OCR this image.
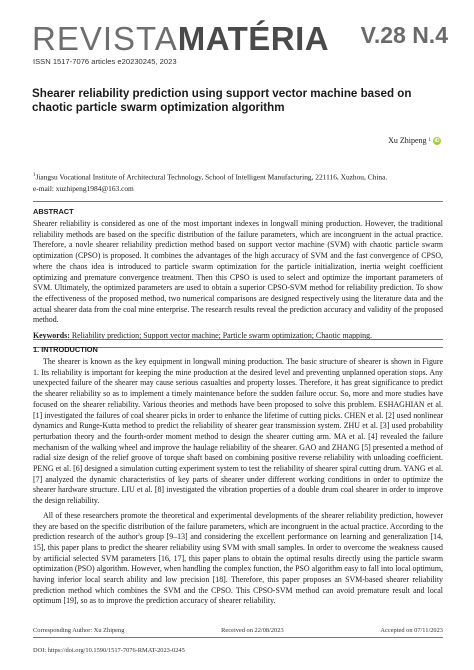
REVISTAMATÉRIA V.28 N.4
ISSN 1517-7076 articles e20230245, 2023
Shearer reliability prediction using support vector machine based on chaotic particle swarm optimization algorithm
Xu Zhipeng 1 iD
$^1$Jiangsu Vocational Institute of Architectural Technology, School of Intelligent Manufacturing, 221116, Xuzhou, China.
e-mail: xuzhipeng1984@163.com
ABSTRACT

Shearer reliability is considered as one of the most important indexes in longwall mining production. However, the traditional reliability methods are based on the specific distribution of the failure parameters, which are incongruent in the actual practice. Therefore, a novle shearer reliability prediction method based on support vector machine (SVM) with chaotic particle swarm optimization (CPSO) is proposed. It combines the advantages of the high accuracy of SVM and the fast convergence of CPSO, where the chaos idea is introduced to particle swarm optimization for the particle initialization, inertia weight coefficient optimizing and premature convergence treatment. Then this CPSO is used to select and optimize the important parameters of SVM. Ultimately, the optimized parameters are used to obtain a superior CPSO-SVM method for reliability prediction. To show the effectiveness of the proposed method, two numerical comparisons are designed respectively using the literature data and the actual shearer data from the coal mine enterprise. The research results reveal the prediction accuracy and validity of the proposed method.

Keywords: Reliability prediction; Support vector machine; Particle swarm optimization; Chaotic mapping.
1. INTRODUCTION

The shearer is known as the key equipment in longwall mining production. The basic structure of shearer is shown in Figure 1. Its reliability is important for keeping the mine production at the desired level and preventing unplanned operation stops. Any unexpected failure of the shearer may cause serious casualties and property losses. Therefore, it has great significance to predict the shearer reliability so as to implement a timely maintenance before the sudden failure occur. So, more and more studies have focused on the shearer reliability. Various theories and methods have been proposed to solve this problem. ESHAGHIAN et al. [1] investigated the failures of coal shearer picks in order to enhance the lifetime of cutting picks. CHEN et al. [2] used nonlinear dynamics and Runge-Kutta method to predict the reliability of shearer gear transmission system. ZHU et al. [3] used probability perturbation theory and the fourth-order moment method to design the shearer cutting arm. MA et al. [4] revealed the failure mechanism of the walking wheel and improve the haulage reliability of the shearer. GAO and ZHANG [5] presented a method of radial size design of the relief groove of torque shaft based on combining positive reverse reliability with unloading coefficient. PENG et al. [6] designed a simulation cutting experiment system to test the reliability of shearer spiral cutting drum. YANG et al. [7] analyzed the dynamic characteristics of key parts of shearer under different working conditions in order to optimize the shearer hardware structure. LIU et al. [8] investigated the vibration properties of a double drum coal shearer in order to improve the design reliability.

All of these researchers promote the theoretical and experimental developments of the shearer reliability prediction, however they are based on the specific distribution of the failure parameters, which are incongruent in the actual practice. According to the prediction research of the author's group [9–13] and considering the excellent performance on learning and generalization [14, 15], this paper plans to predict the shearer reliability using SVM with small samples. In order to overcome the weakness caused by artificial selected SVM parameters [16, 17], this paper plans to obtain the optimal results directly using the particle swarm optimization (PSO) algorithm. However, when handling the complex function, the PSO algorithm easy to fall into local optimum, having inferior local search ability and low precision [18]. Therefore, this paper proposes an SVM-based shearer reliability prediction method which combines the SVM and the CPSO. This CPSO-SVM method can avoid premature result and local optimum [19], so as to improve the prediction accuracy of shearer reliability.

Corresponding Author: Xu Zhipeng	Received on 22/08/2023	Accepted on 07/11/2023
DOI: https://doi.org/10.1590/1517-7076-RMAT-2023-0245
